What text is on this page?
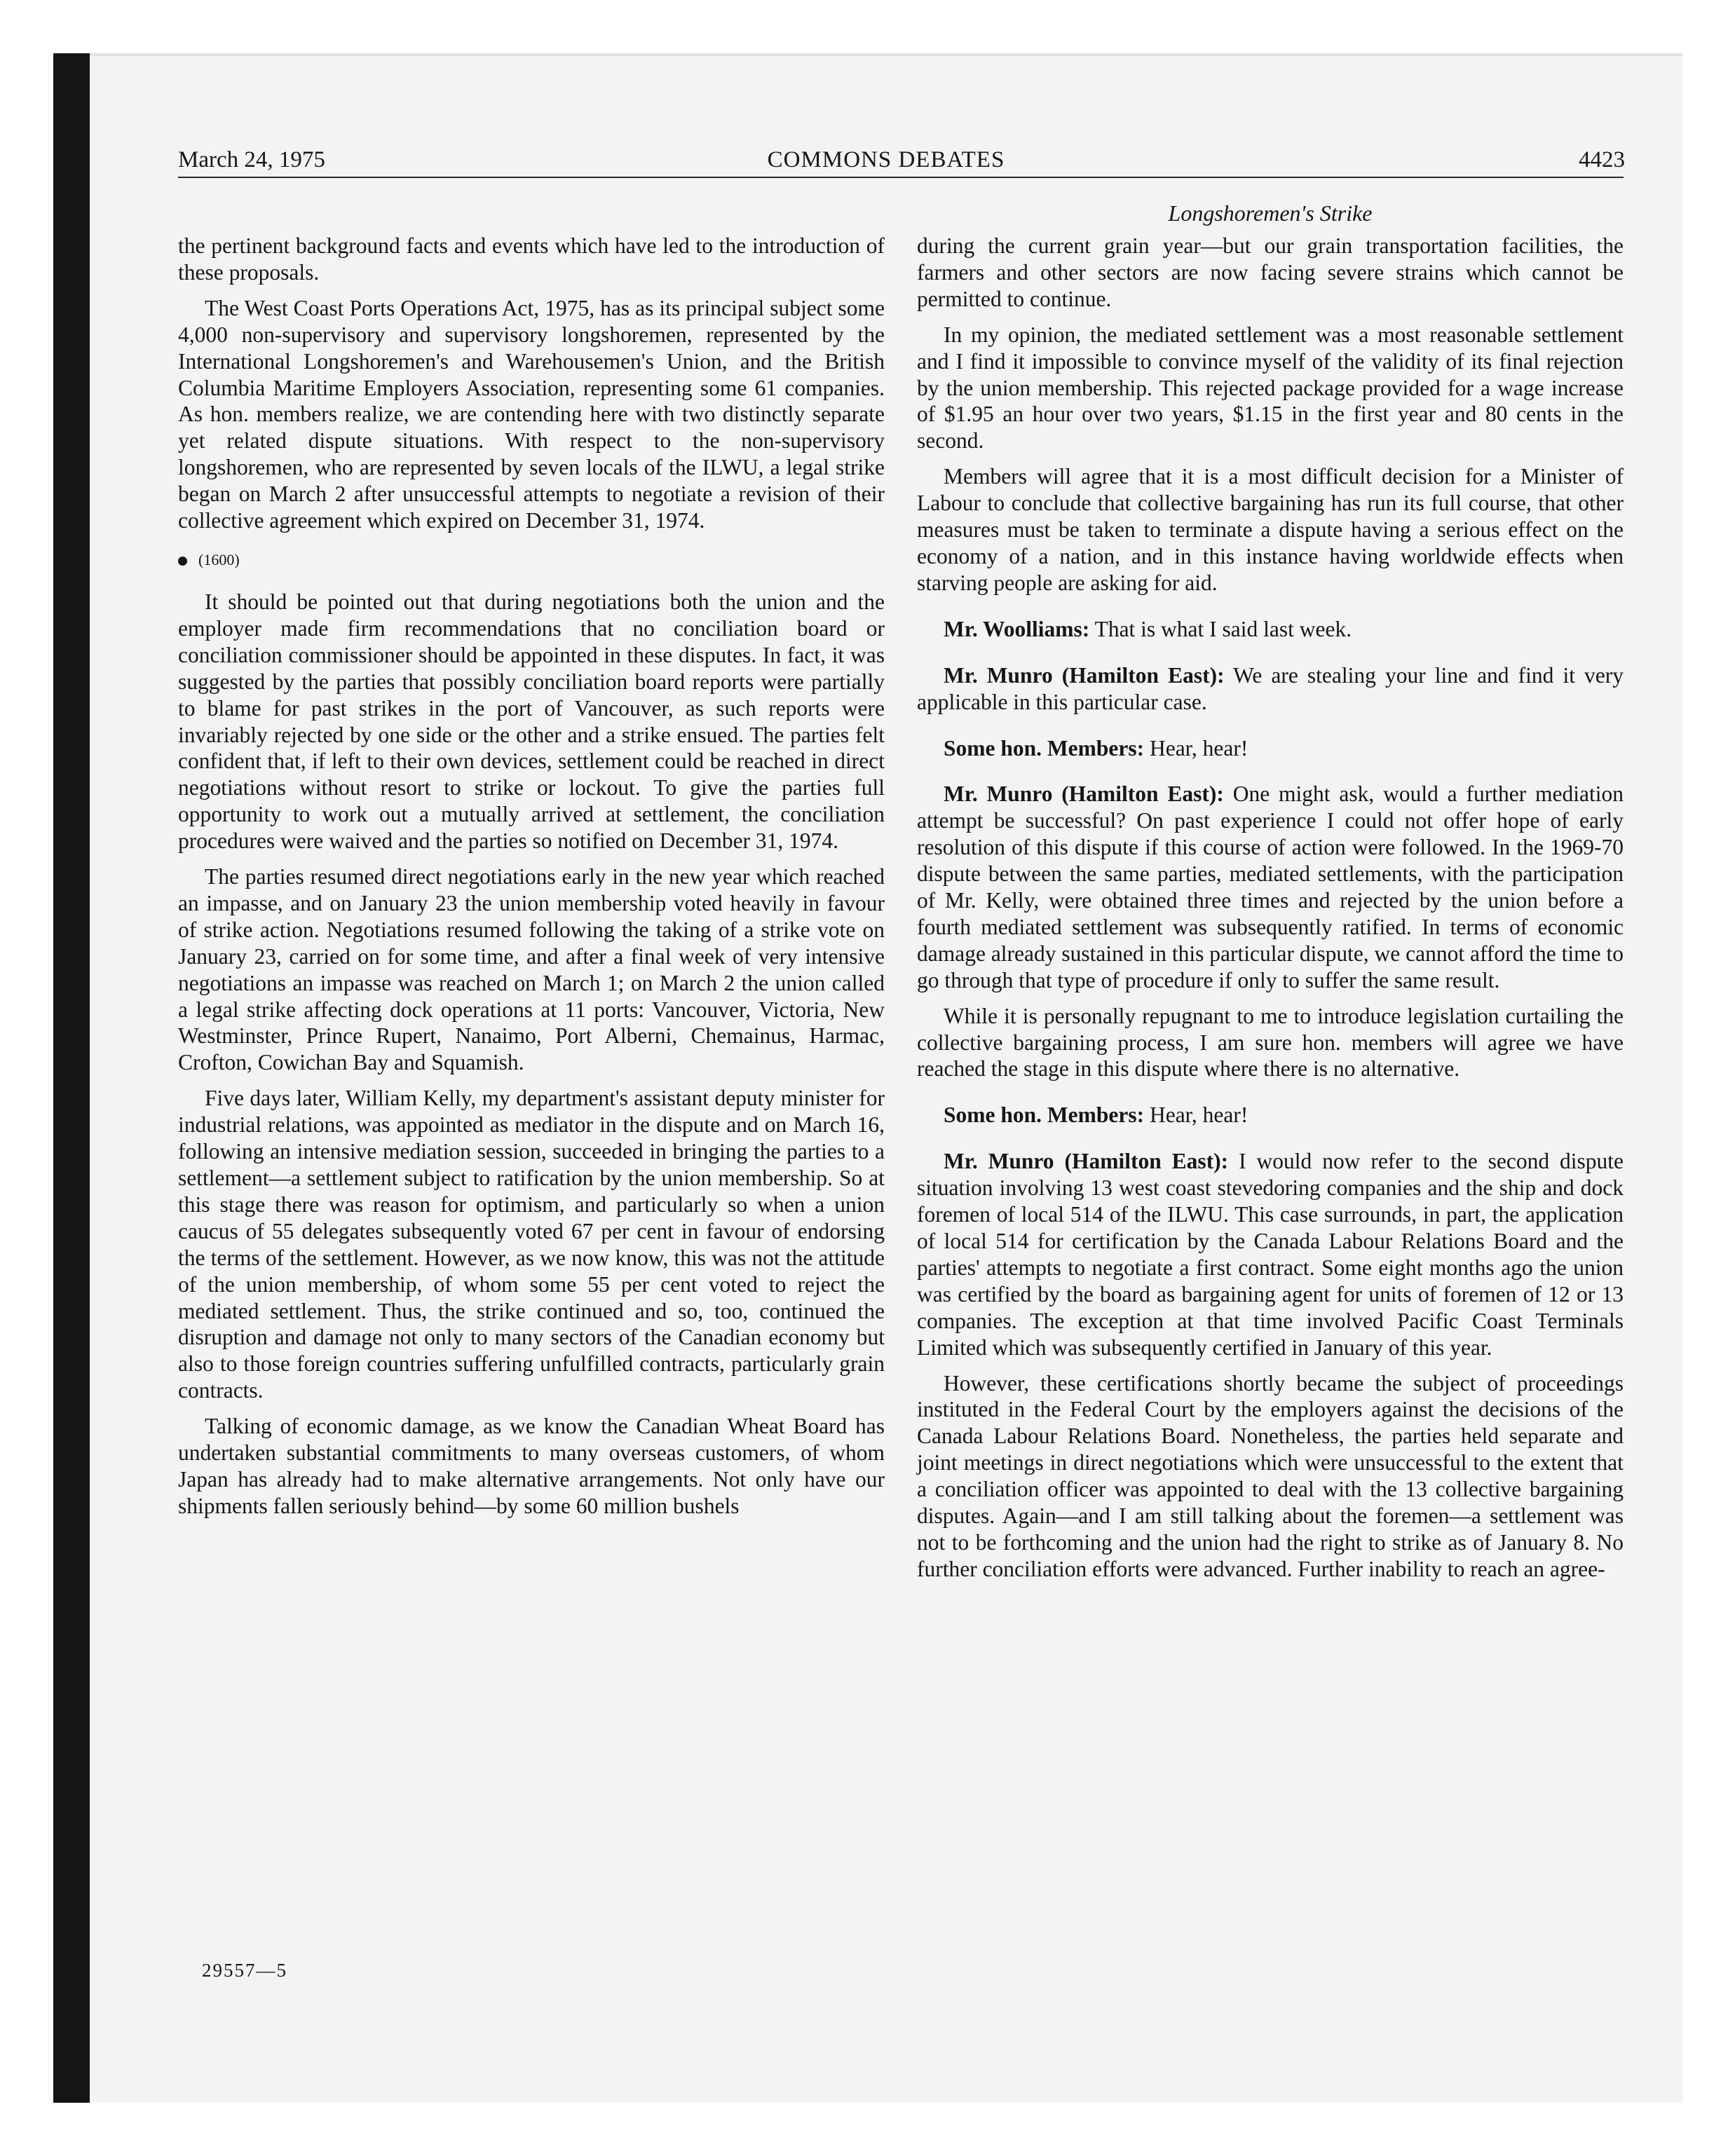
March 24, 1975	COMMONS DEBATES	4423
Longshoremen's Strike

the pertinent background facts and events which have led to the introduction of these proposals.

The West Coast Ports Operations Act, 1975, has as its principal subject some 4,000 non-supervisory and supervisory longshoremen, represented by the International Longshoremen's and Warehousemen's Union, and the British Columbia Maritime Employers Association, representing some 61 companies. As hon. members realize, we are contending here with two distinctly separate yet related dispute situations. With respect to the non-supervisory longshoremen, who are represented by seven locals of the ILWU, a legal strike began on March 2 after unsuccessful attempts to negotiate a revision of their collective agreement which expired on December 31, 1974.

(1600)

It should be pointed out that during negotiations both the union and the employer made firm recommendations that no conciliation board or conciliation commissioner should be appointed in these disputes. In fact, it was suggested by the parties that possibly conciliation board reports were partially to blame for past strikes in the port of Vancouver, as such reports were invariably rejected by one side or the other and a strike ensued. The parties felt confident that, if left to their own devices, settlement could be reached in direct negotiations without resort to strike or lockout. To give the parties full opportunity to work out a mutually arrived at settlement, the conciliation procedures were waived and the parties so notified on December 31, 1974.

The parties resumed direct negotiations early in the new year which reached an impasse, and on January 23 the union membership voted heavily in favour of strike action. Negotiations resumed following the taking of a strike vote on January 23, carried on for some time, and after a final week of very intensive negotiations an impasse was reached on March 1; on March 2 the union called a legal strike affecting dock operations at 11 ports: Vancouver, Victoria, New Westminster, Prince Rupert, Nanaimo, Port Alberni, Chemainus, Harmac, Crofton, Cowichan Bay and Squamish.

Five days later, William Kelly, my department's assistant deputy minister for industrial relations, was appointed as mediator in the dispute and on March 16, following an intensive mediation session, succeeded in bringing the parties to a settlement—a settlement subject to ratification by the union membership. So at this stage there was reason for optimism, and particularly so when a union caucus of 55 delegates subsequently voted 67 per cent in favour of endorsing the terms of the settlement. However, as we now know, this was not the attitude of the union membership, of whom some 55 per cent voted to reject the mediated settlement. Thus, the strike continued and so, too, continued the disruption and damage not only to many sectors of the Canadian economy but also to those foreign countries suffering unfulfilled contracts, particularly grain contracts.

Talking of economic damage, as we know the Canadian Wheat Board has undertaken substantial commitments to many overseas customers, of whom Japan has already had to make alternative arrangements. Not only have our shipments fallen seriously behind—by some 60 million bushels

during the current grain year—but our grain transportation facilities, the farmers and other sectors are now facing severe strains which cannot be permitted to continue.

In my opinion, the mediated settlement was a most reasonable settlement and I find it impossible to convince myself of the validity of its final rejection by the union membership. This rejected package provided for a wage increase of $1.95 an hour over two years, $1.15 in the first year and 80 cents in the second.

Members will agree that it is a most difficult decision for a Minister of Labour to conclude that collective bargaining has run its full course, that other measures must be taken to terminate a dispute having a serious effect on the economy of a nation, and in this instance having worldwide effects when starving people are asking for aid.

Mr. Woolliams: That is what I said last week.

Mr. Munro (Hamilton East): We are stealing your line and find it very applicable in this particular case.

Some hon. Members: Hear, hear!

Mr. Munro (Hamilton East): One might ask, would a further mediation attempt be successful? On past experience I could not offer hope of early resolution of this dispute if this course of action were followed. In the 1969-70 dispute between the same parties, mediated settlements, with the participation of Mr. Kelly, were obtained three times and rejected by the union before a fourth mediated settlement was subsequently ratified. In terms of economic damage already sustained in this particular dispute, we cannot afford the time to go through that type of procedure if only to suffer the same result.

While it is personally repugnant to me to introduce legislation curtailing the collective bargaining process, I am sure hon. members will agree we have reached the stage in this dispute where there is no alternative.

Some hon. Members: Hear, hear!

Mr. Munro (Hamilton East): I would now refer to the second dispute situation involving 13 west coast stevedoring companies and the ship and dock foremen of local 514 of the ILWU. This case surrounds, in part, the application of local 514 for certification by the Canada Labour Relations Board and the parties' attempts to negotiate a first contract. Some eight months ago the union was certified by the board as bargaining agent for units of foremen of 12 or 13 companies. The exception at that time involved Pacific Coast Terminals Limited which was subsequently certified in January of this year.

However, these certifications shortly became the subject of proceedings instituted in the Federal Court by the employers against the decisions of the Canada Labour Relations Board. Nonetheless, the parties held separate and joint meetings in direct negotiations which were unsuccessful to the extent that a conciliation officer was appointed to deal with the 13 collective bargaining disputes. Again—and I am still talking about the foremen—a settlement was not to be forthcoming and the union had the right to strike as of January 8. No further conciliation efforts were advanced. Further inability to reach an agree-

29557—5
